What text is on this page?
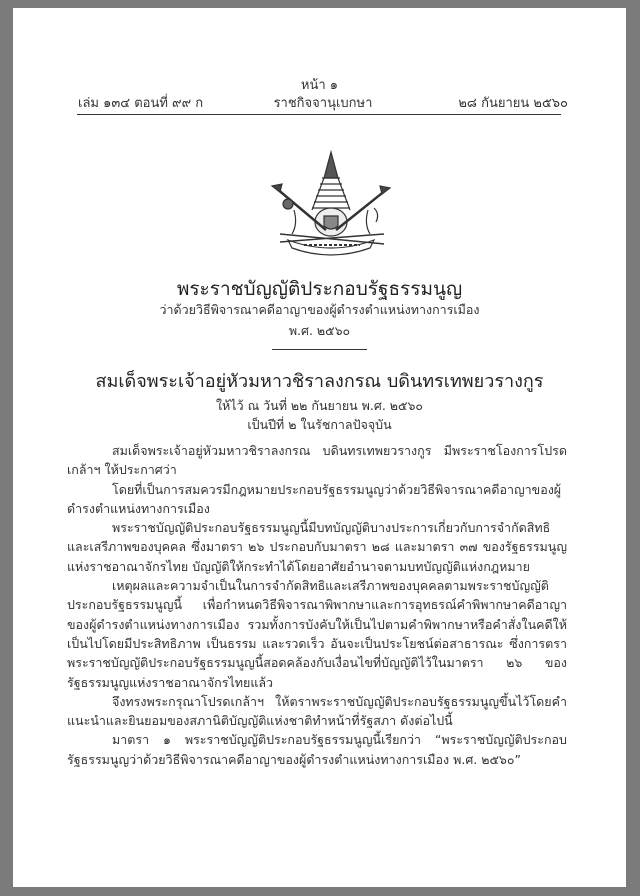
หน้า ๑
เล่ม ๑๓๔ ตอนที่ ๙๙ ก	ราชกิจจานุเบกษา	๒๘ กันยายน ๒๕๖๐
พระราชบัญญัติประกอบรัฐธรรมนูญ
ว่าด้วยวิธีพิจารณาคดีอาญาของผู้ดำรงตำแหน่งทางการเมือง
พ.ศ. ๒๕๖๐
สมเด็จพระเจ้าอยู่หัวมหาวชิราลงกรณ บดินทรเทพยวรางกูร
ให้ไว้ ณ วันที่ ๒๒ กันยายน พ.ศ. ๒๕๖๐
เป็นปีที่ ๒ ในรัชกาลปัจจุบัน

สมเด็จพระเจ้าอยู่หัวมหาวชิราลงกรณ บดินทรเทพยวรางกูร มีพระราชโองการโปรดเกล้าฯ ให้ประกาศว่า

โดยที่เป็นการสมควรมีกฎหมายประกอบรัฐธรรมนูญว่าด้วยวิธีพิจารณาคดีอาญาของผู้ดำรงตำแหน่งทางการเมือง

พระราชบัญญัติประกอบรัฐธรรมนูญนี้มีบทบัญญัติบางประการเกี่ยวกับการจำกัดสิทธิและเสรีภาพของบุคคล ซึ่งมาตรา ๒๖ ประกอบกับมาตรา ๒๘ และมาตรา ๓๗ ของรัฐธรรมนูญแห่งราชอาณาจักรไทย บัญญัติให้กระทำได้โดยอาศัยอำนาจตามบทบัญญัติแห่งกฎหมาย

เหตุผลและความจำเป็นในการจำกัดสิทธิและเสรีภาพของบุคคลตามพระราชบัญญัติประกอบรัฐธรรมนูญนี้ เพื่อกำหนดวิธีพิจารณาพิพากษาและการอุทธรณ์คำพิพากษาคดีอาญาของผู้ดำรงตำแหน่งทางการเมือง รวมทั้งการบังคับให้เป็นไปตามคำพิพากษาหรือคำสั่งในคดีให้เป็นไปโดยมีประสิทธิภาพ เป็นธรรม และรวดเร็ว อันจะเป็นประโยชน์ต่อสาธารณะ ซึ่งการตราพระราชบัญญัติประกอบรัฐธรรมนูญนี้สอดคล้องกับเงื่อนไขที่บัญญัติไว้ในมาตรา ๒๖ ของรัฐธรรมนูญแห่งราชอาณาจักรไทยแล้ว

จึงทรงพระกรุณาโปรดเกล้าฯ ให้ตราพระราชบัญญัติประกอบรัฐธรรมนูญขึ้นไว้โดยคำแนะนำและยินยอมของสภานิติบัญญัติแห่งชาติทำหน้าที่รัฐสภา ดังต่อไปนี้

มาตรา ๑ พระราชบัญญัติประกอบรัฐธรรมนูญนี้เรียกว่า “พระราชบัญญัติประกอบรัฐธรรมนูญว่าด้วยวิธีพิจารณาคดีอาญาของผู้ดำรงตำแหน่งทางการเมือง พ.ศ. ๒๕๖๐”
